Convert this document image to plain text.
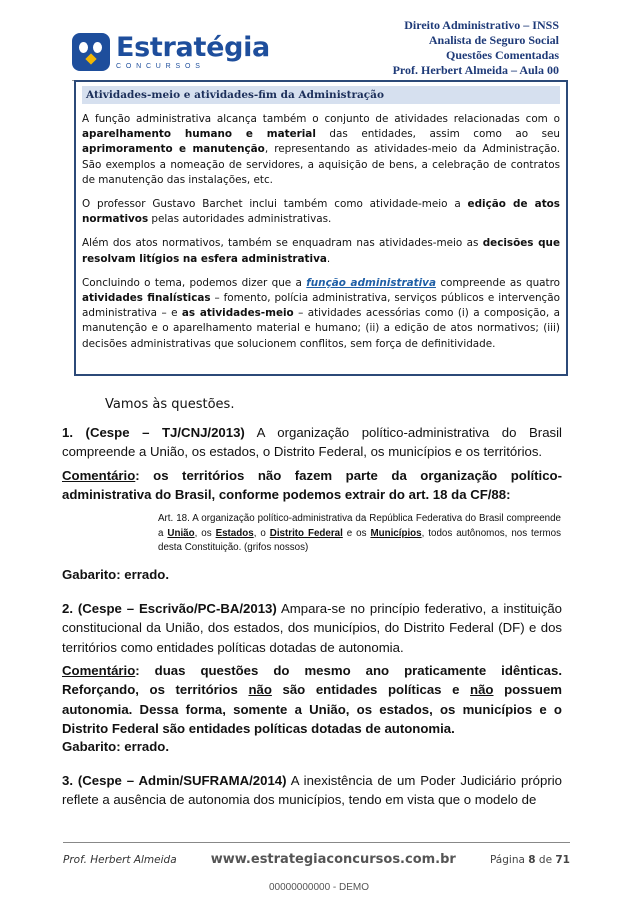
Estratégia
CONCURSOS
Direito Administrativo – INSS
Analista de Seguro Social
Questões Comentadas
Prof. Herbert Almeida – Aula 00
Atividades-meio e atividades-fim da Administração

A função administrativa alcança também o conjunto de atividades relacionadas com o aparelhamento humano e material das entidades, assim como ao seu aprimoramento e manutenção, representando as atividades-meio da Administração. São exemplos a nomeação de servidores, a aquisição de bens, a celebração de contratos de manutenção das instalações, etc.

O professor Gustavo Barchet inclui também como atividade-meio a edição de atos normativos pelas autoridades administrativas.

Além dos atos normativos, também se enquadram nas atividades-meio as decisões que resolvam litígios na esfera administrativa.

Concluindo o tema, podemos dizer que a função administrativa compreende as quatro atividades finalísticas – fomento, polícia administrativa, serviços públicos e intervenção administrativa – e as atividades-meio – atividades acessórias como (i) a composição, a manutenção e o aparelhamento material e humano; (ii) a edição de atos normativos; (iii) decisões administrativas que solucionem conflitos, sem força de definitividade.

Vamos às questões.
1. (Cespe – TJ/CNJ/2013) A organização político-administrativa do Brasil compreende a União, os estados, o Distrito Federal, os municípios e os territórios.
Comentário: os territórios não fazem parte da organização político-administrativa do Brasil, conforme podemos extrair do art. 18 da CF/88:
Art. 18. A organização político-administrativa da República Federativa do Brasil compreende a União, os Estados, o Distrito Federal e os Municípios, todos autônomos, nos termos desta Constituição. (grifos nossos)
Gabarito: errado.
2. (Cespe – Escrivão/PC-BA/2013) Ampara-se no princípio federativo, a instituição constitucional da União, dos estados, dos municípios, do Distrito Federal (DF) e dos territórios como entidades políticas dotadas de autonomia.
Comentário: duas questões do mesmo ano praticamente idênticas. Reforçando, os territórios não são entidades políticas e não possuem autonomia. Dessa forma, somente a União, os estados, os municípios e o Distrito Federal são entidades políticas dotadas de autonomia.
Gabarito: errado.
3. (Cespe – Admin/SUFRAMA/2014) A inexistência de um Poder Judiciário próprio reflete a ausência de autonomia dos municípios, tendo em vista que o modelo de
Prof. Herbert Almeida	www.estrategiaconcursos.com.br	Página 8 de 71
00000000000 - DEMO
